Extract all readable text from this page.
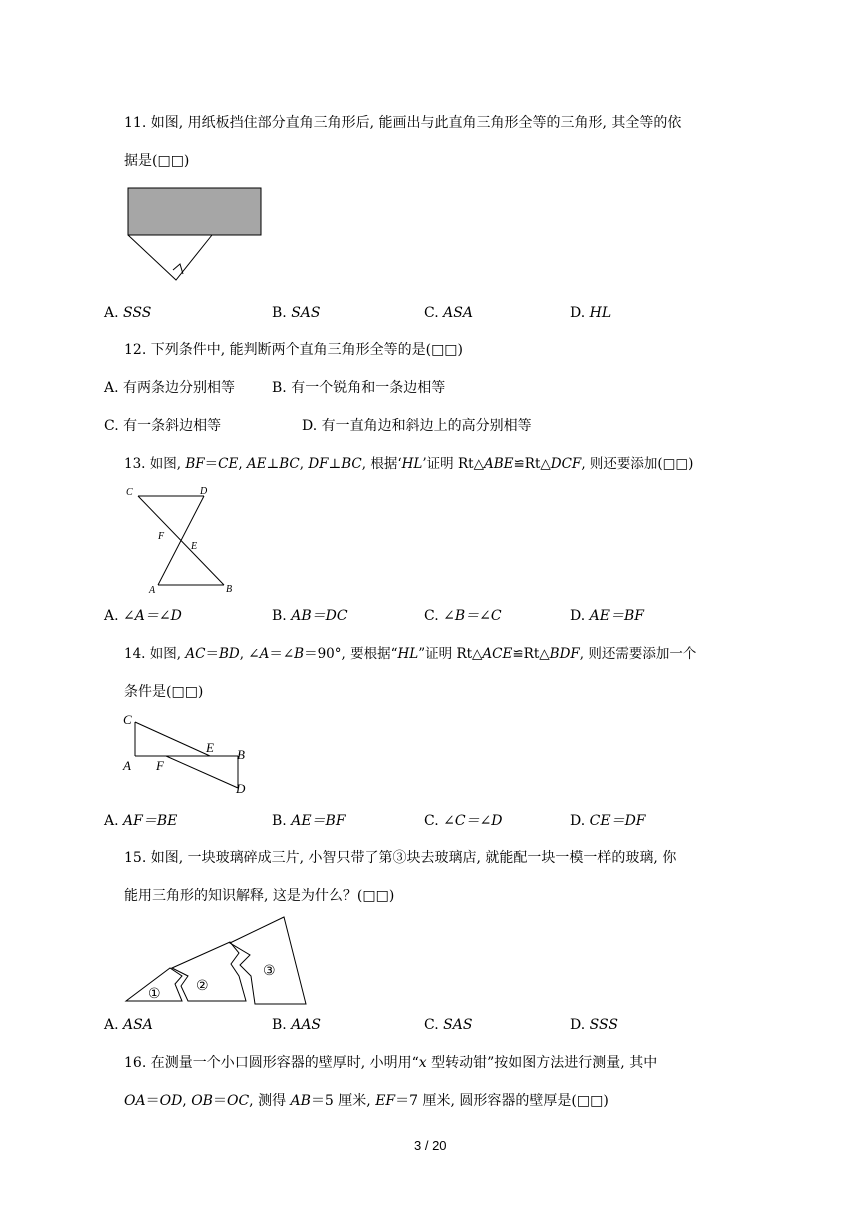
11. 如图, 用纸板挡住部分直角三角形后, 能画出与此直角三角形全等的三角形, 其全等的依
据是(□□)
A. SSS	B. SAS	C. ASA	D. HL
12. 下列条件中, 能判断两个直角三角形全等的是(□□)
A. 有两条边分别相等	B. 有一个锐角和一条边相等
C. 有一条斜边相等	D. 有一直角边和斜边上的高分别相等
13. 如图, BF＝CE, AE⊥BC, DF⊥BC, 根据‘HL’证明 Rt△ABE≌Rt△DCF, 则还要添加(□□)
C	D
F
E
A	B
A. ∠A＝∠D	B. AB＝DC	C. ∠B＝∠C	D. AE＝BF
14. 如图, AC＝BD, ∠A＝∠B＝90°, 要根据“HL”证明 Rt△ACE≌Rt△BDF, 则还需要添加一个
条件是(□□)
C
E B
A F
D
A. AF＝BE	B. AE＝BF	C. ∠C＝∠D	D. CE＝DF
15. 如图, 一块玻璃碎成三片, 小智只带了第③块去玻璃店, 就能配一块一模一样的玻璃, 你
能用三角形的知识解释, 这是为什么？(□□)
①	②
③
A. ASA	B. AAS	C. SAS	D. SSS
16. 在测量一个小口圆形容器的壁厚时, 小明用“x 型转动钳”按如图方法进行测量, 其中
OA＝OD, OB＝OC, 测得 AB＝5 厘米, EF＝7 厘米, 圆形容器的壁厚是(□□)
3 / 20
